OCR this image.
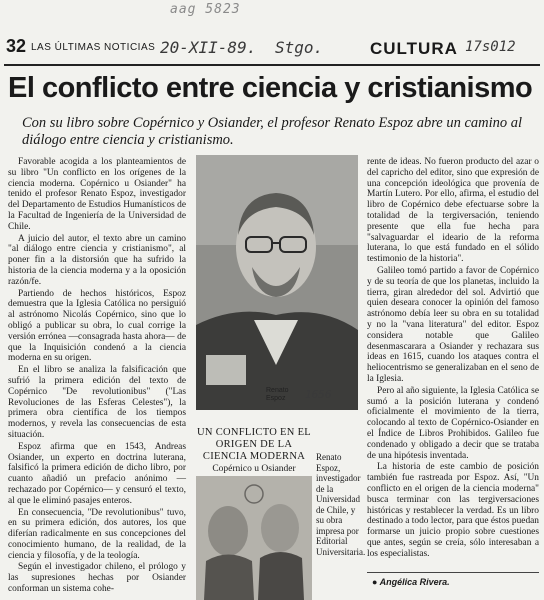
aag 5823
32 LAS ÚLTIMAS NOTICIAS 20-XII-89. Stgo.	CULTURA 17s012
El conflicto entre ciencia y cristianismo
Con su libro sobre Copérnico y Osiander, el profesor Renato Espoz abre un camino al diálogo entre ciencia y cristianismo.

Favorable acogida a los planteamientos de su libro "Un conflicto en los orígenes de la ciencia moderna. Copérnico u Osiander" ha tenido el profesor Renato Espoz, investigador del Departamento de Estudios Humanísticos de la Facultad de Ingeniería de la Universidad de Chile.

A juicio del autor, el texto abre un camino "al diálogo entre ciencia y cristianismo", al poner fin a la distorsión que ha sufrido la historia de la ciencia moderna y a la oposición razón/fe.

Partiendo de hechos históricos, Espoz demuestra que la Iglesia Católica no persiguió al astrónomo Nicolás Copérnico, sino que lo obligó a publicar su obra, lo cual corrige la versión errónea —consagrada hasta ahora— de que la Inquisición condenó a la ciencia moderna en su origen.

En el libro se analiza la falsificación que sufrió la primera edición del texto de Copérnico "De revolutionibus" ("Las Revoluciones de las Esferas Celestes"), la primera obra científica de los tiempos modernos, y revela las consecuencias de esta situación.

Espoz afirma que en 1543, Andreas Osiander, un experto en doctrina luterana, falsificó la primera edición de dicho libro, por cuanto añadió un prefacio anónimo —rechazado por Copérnico— y censuró el texto, al que le eliminó pasajes enteros.

En consecuencia, "De revolutionibus" tuvo, en su primera edición, dos autores, los que diferían radicalmente en sus concepciones del conocimiento humano, de la realidad, de la ciencia y filosofía, y de la teología.

Según el investigador chileno, el prólogo y las supresiones hechas por Osiander conforman un sistema cohe-

Renato
Espoz 1656
UN CONFLICTO EN EL ORIGEN DE LA CIENCIA MODERNA
Copérnico u Osiander
Renato Espoz, investigador de la Universidad de Chile, y su obra impresa por Editorial Universitaria.

rente de ideas. No fueron producto del azar o del capricho del editor, sino que expresión de una concepción ideológica que provenía de Martín Lutero. Por ello, afirma, el estudio del libro de Copérnico debe efectuarse sobre la totalidad de la tergiversación, teniendo presente que ella fue hecha para "salvaguardar el ideario de la reforma luterana, lo que está fundado en el sólido testimonio de la historia".

Galileo tomó partido a favor de Copérnico y de su teoría de que los planetas, incluido la tierra, giran alrededor del sol. Advirtió que quien deseara conocer la opinión del famoso astrónomo debía leer su obra en su totalidad y no la "vana literatura" del editor. Espoz considera notable que Galileo desenmascarara a Osiander y rechazara sus ideas en 1615, cuando los ataques contra el heliocentrismo se generalizaban en el seno de la Iglesia.

Pero al año siguiente, la Iglesia Católica se sumó a la posición luterana y condenó oficialmente el movimiento de la tierra, colocando al texto de Copérnico-Osiander en el Índice de Libros Prohibidos. Galileo fue condenado y obligado a decir que se trataba de una hipótesis inventada.

La historia de este cambio de posición también fue rastreada por Espoz. Así, "Un conflicto en el origen de la ciencia moderna" busca terminar con las tergiversaciones históricas y restablecer la verdad. Es un libro destinado a todo lector, para que éstos puedan formarse un juicio propio sobre cuestiones que antes, según se creía, sólo interesaban a los especialistas.

● Angélica Rivera.
